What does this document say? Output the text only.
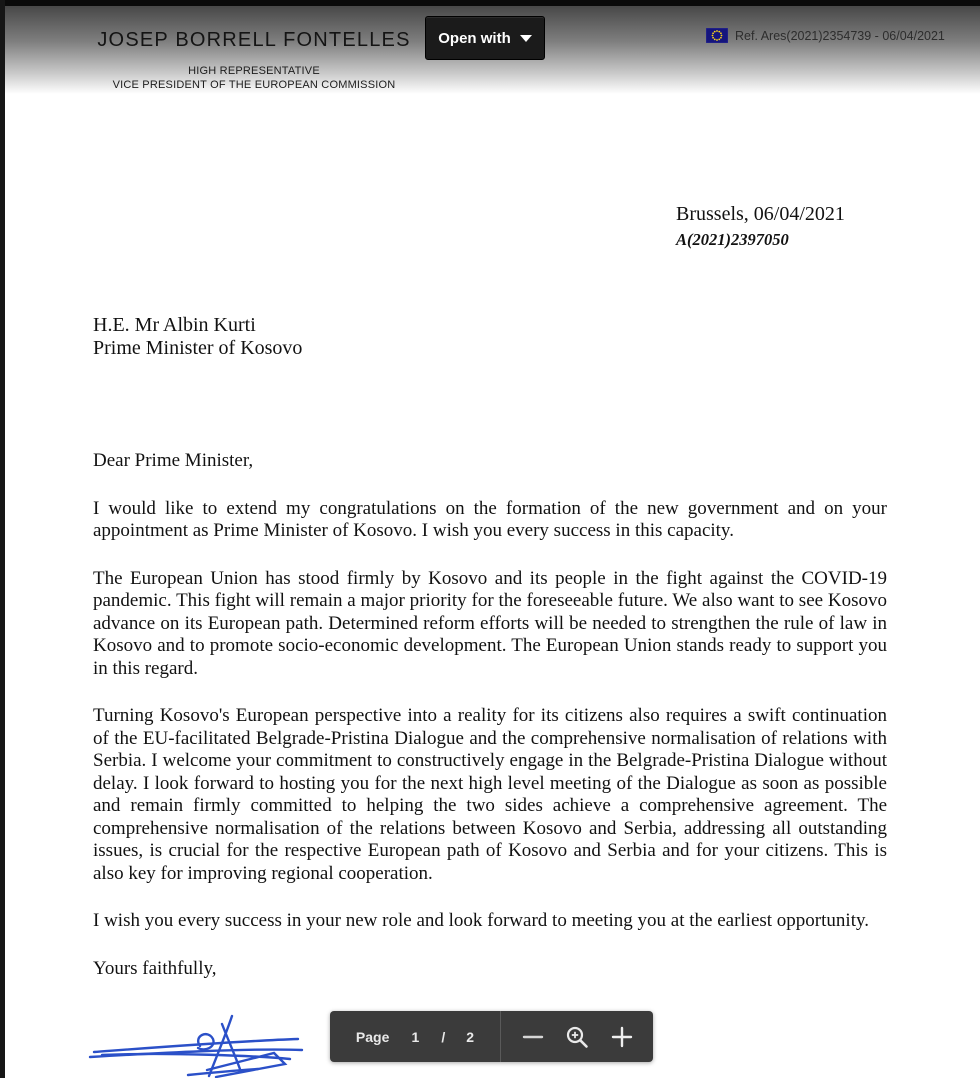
JOSEP BORRELL FONTELLES
HIGH REPRESENTATIVE
VICE PRESIDENT OF THE EUROPEAN COMMISSION
Open with	Ref. Ares(2021)2354739 - 06/04/2021
Brussels, 06/04/2021
A(2021)2397050
H.E. Mr Albin Kurti
Prime Minister of Kosovo

Dear Prime Minister,

I would like to extend my congratulations on the formation of the new government and on your appointment as Prime Minister of Kosovo. I wish you every success in this capacity.

The European Union has stood firmly by Kosovo and its people in the fight against the COVID-19 pandemic. This fight will remain a major priority for the foreseeable future. We also want to see Kosovo advance on its European path. Determined reform efforts will be needed to strengthen the rule of law in Kosovo and to promote socio-economic development. The European Union stands ready to support you in this regard.

Turning Kosovo's European perspective into a reality for its citizens also requires a swift continuation of the EU-facilitated Belgrade-Pristina Dialogue and the comprehensive normalisation of relations with Serbia. I welcome your commitment to constructively engage in the Belgrade-Pristina Dialogue without delay. I look forward to hosting you for the next high level meeting of the Dialogue as soon as possible and remain firmly committed to helping the two sides achieve a comprehensive agreement. The comprehensive normalisation of the relations between Kosovo and Serbia, addressing all outstanding issues, is crucial for the respective European path of Kosovo and Serbia and for your citizens. This is also key for improving regional cooperation.

I wish you every success in your new role and look forward to meeting you at the earliest opportunity.

Yours faithfully,

Page 1 / 2
